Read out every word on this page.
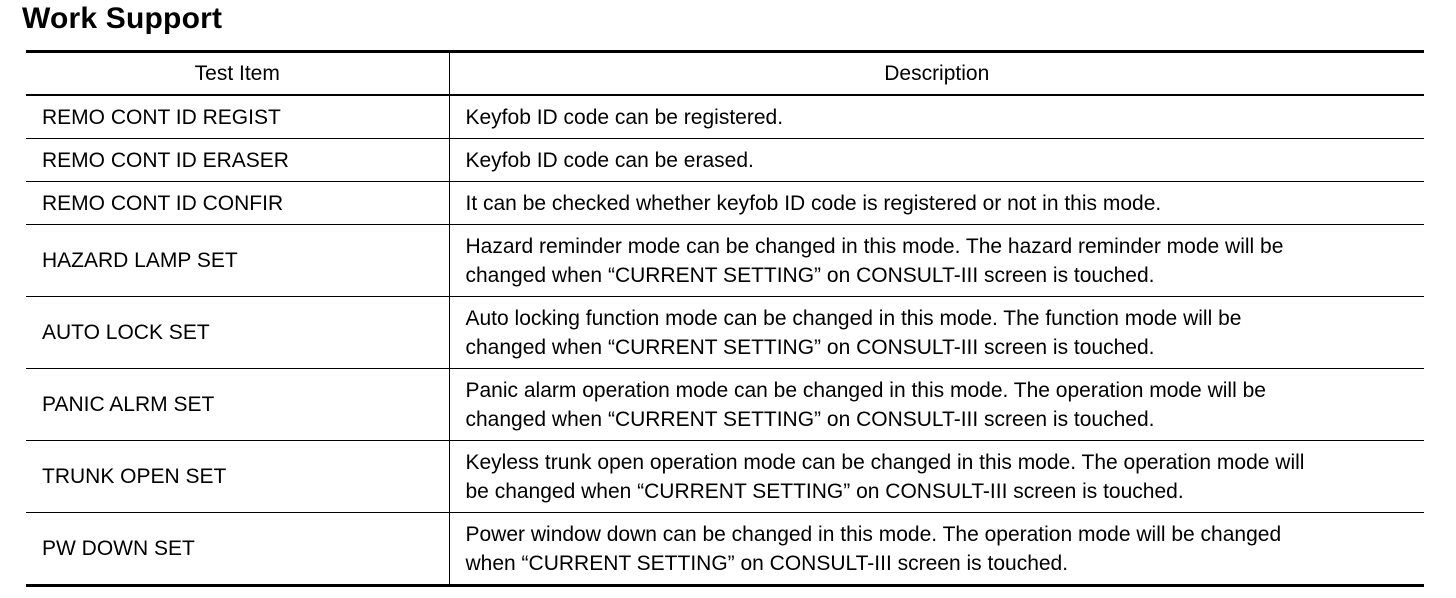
Work Support
Test Item	Description
REMO CONT ID REGIST	Keyfob ID code can be registered.

REMO CONT ID ERASER	Keyfob ID code can be erased.

REMO CONT ID CONFIR	It can be checked whether keyfob ID code is registered or not in this mode.

HAZARD LAMP SET	Hazard reminder mode can be changed in this mode. The hazard reminder mode will be
changed when “CURRENT SETTING” on CONSULT-III screen is touched.

AUTO LOCK SET	Auto locking function mode can be changed in this mode. The function mode will be
changed when “CURRENT SETTING” on CONSULT-III screen is touched.

PANIC ALRM SET	Panic alarm operation mode can be changed in this mode. The operation mode will be
changed when “CURRENT SETTING” on CONSULT-III screen is touched.

TRUNK OPEN SET	Keyless trunk open operation mode can be changed in this mode. The operation mode will
be changed when “CURRENT SETTING” on CONSULT-III screen is touched.

PW DOWN SET	Power window down can be changed in this mode. The operation mode will be changed
when “CURRENT SETTING” on CONSULT-III screen is touched.
